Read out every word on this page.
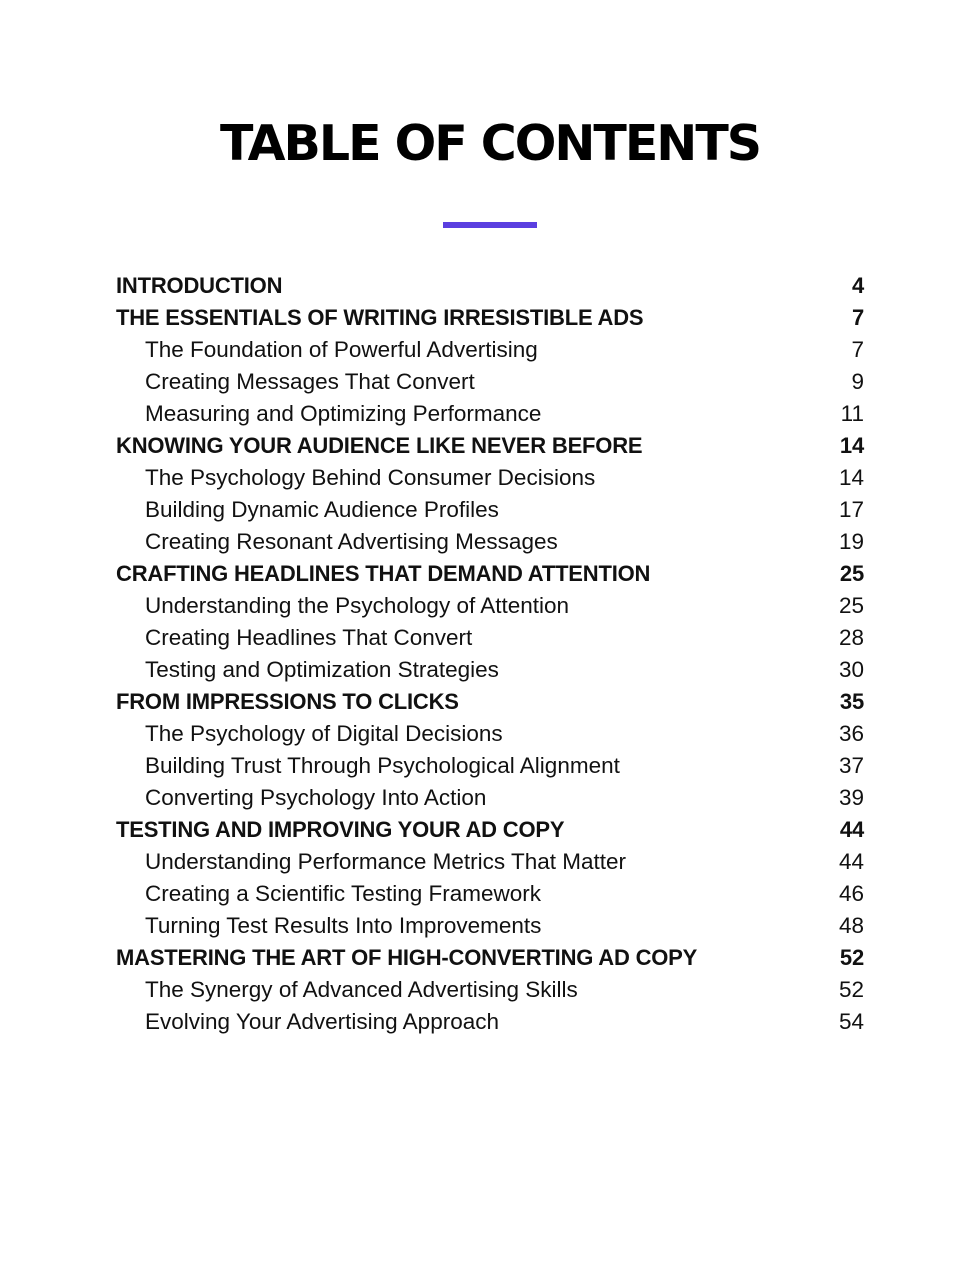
TABLE OF CONTENTS
INTRODUCTION	4
THE ESSENTIALS OF WRITING IRRESISTIBLE ADS	7
The Foundation of Powerful Advertising	7
Creating Messages That Convert	9
Measuring and Optimizing Performance	11
KNOWING YOUR AUDIENCE LIKE NEVER BEFORE	14
The Psychology Behind Consumer Decisions	14
Building Dynamic Audience Profiles	17
Creating Resonant Advertising Messages	19
CRAFTING HEADLINES THAT DEMAND ATTENTION	25
Understanding the Psychology of Attention	25
Creating Headlines That Convert	28
Testing and Optimization Strategies	30
FROM IMPRESSIONS TO CLICKS	35
The Psychology of Digital Decisions	36
Building Trust Through Psychological Alignment	37
Converting Psychology Into Action	39
TESTING AND IMPROVING YOUR AD COPY	44
Understanding Performance Metrics That Matter	44
Creating a Scientific Testing Framework	46
Turning Test Results Into Improvements	48
MASTERING THE ART OF HIGH-CONVERTING AD COPY	52
The Synergy of Advanced Advertising Skills	52
Evolving Your Advertising Approach	54
